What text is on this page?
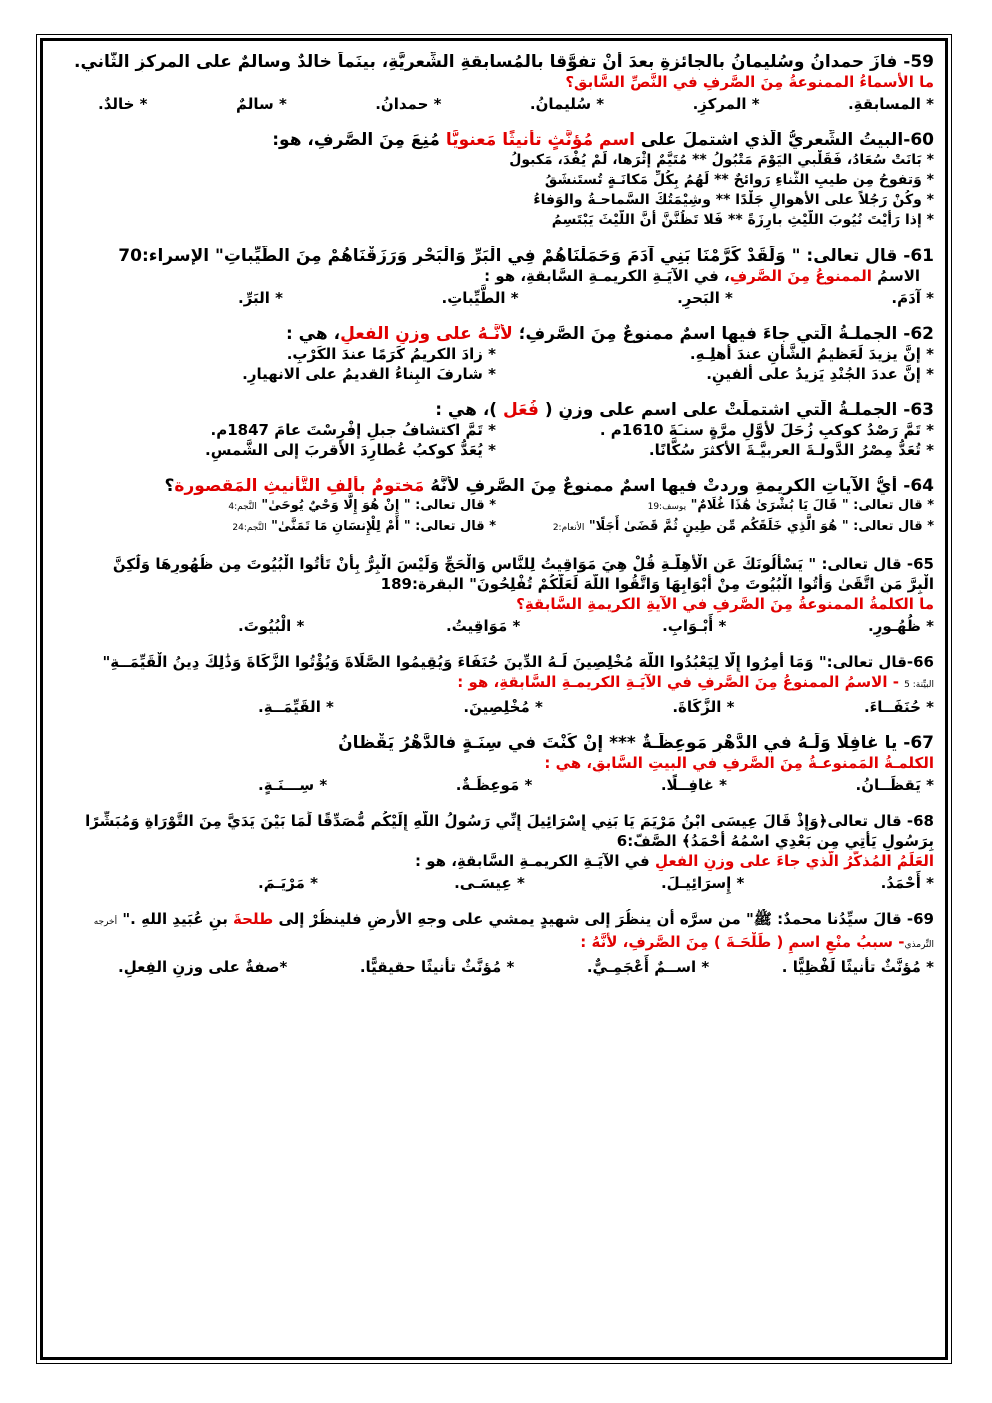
59- فازَ حمدانُ وسُليمانُ بالجائزةِ بعدَ أنْ تفوَّقا بالمُسابقةِ الشِّعريَّةِ، بينَماَ خالدٌ وسالمٌ على المركزِ الثَّاني.
ما الأسماءُ الممنوعةُ مِنَ الصَّرفِ في النَّصِّ السَّابقِ؟
* المسابقةِ.
* المركزِ.
* سُليمانُ.
* حمدانُ.
* سالمٌ
* خالدٌ.
60-البيتُ الشِّعريُّ الَّذي اشتملَ على اسمٍ مُؤنَّثٍ تأنيثًا مَعنويًّا مُنِعَ مِنَ الصَّرفِ، هو:
* بَانَتْ سُعَادُ، فَقَلْبي اليَوْمَ مَتْبُولُ ** مُتَيَّمٌ إثْرَها، لَمْ يُفْدَ، مَكبولُ
* وَتفوحُ مِن طيبِ الثَّناءِ رَوائحٌ ** لَهُمُ بِكُلِّ مَكانَـةٍ تُستَنشَقُ
* وكُنْ رَجُلاً على الأهوالِ جَلْدًا ** وشِيْمَتُكَ السَّماحـةُ والوَفاءُ
* إذا رَأيْتَ نُيُوبَ اللَّيْثِ بارِزَةً ** فَلا تَظُنَّنَّ أنَّ اللَّيْثَ يَبْتَسِمُ
61- قال تعالى: " وَلَقَدْ كَرَّمْنَا بَنِي آدَمَ وَحَمَلْنَاهُمْ فِي الْبَرِّ وَالْبَحْرِ وَرَزَقْنَاهُمْ مِنَ الطَّيِّباتِ" الإسراء:70
الاسمُ الممنوعُ مِنَ الصَّرفِ، في الآيَـةِ الكريمـةِ السَّابقةِ، هو :
* آدَمَ.
* البَحرِ.
* الطَّيِّباتِ.
* البَرِّ.
62- الجملـةُ الَّتي جاءَ فيها اسمٌ ممنوعٌ مِنَ الصَّرفِ؛ لأنَّـهُ على وزنِ الفعلِ، هي :
* إنَّ يزيدَ لَعَظيمُ الشَّأنِ عندَ أهلِـهِ.
* زادَ الكريمُ كَرَمًا عندَ الكَرْبِ.
* إنَّ عددَ الجُنْدِ يَزيدُ على ألفينِ.
* شارفَ البِناءُ القديمُ على الانهيارِ.
63- الجملـةُ الَّتي اشتملَتْ على اسمٍ على وزنِ ( فُعَل )، هي :
* تَمَّ رَصْدُ كوكبِ زُحَلَ لأوَّلِ مرَّةٍ سنـَةَ 1610م .
* تَمَّ اكتشافُ جبلِ إفْرِسْتَ عامَ 1847م.
* تُعَدُّ مِصْرُ الدَّولـةَ العربيَّـةَ الأكثرَ سُكَّانًا.
* يُعَدُّ كوكبُ عُطارِدَ الأقربَ إلى الشَّمسِ.
64- أيُّ الآياتِ الكريمةِ وردتْ فيها اسمٌ ممنوعٌ مِنَ الصَّرفِ لأنَّهُ مَختومٌ بألفِ التَّأنيثِ المَقصورة؟
* قال تعالى: " قَالَ يَا بُشْرَىٰ هَٰذَا غُلَامٌ" يوسف:19
* قال تعالى: " إِنْ هُوَ إِلَّا وَحْيٌ يُوحَىٰ" النَّجم:4
* قال تعالى: " هُوَ الَّذِي خَلَقَكُم مِّن طِينٍ ثُمَّ قَضَىٰ أَجَلًا" الأنعام:2
* قال تعالى: " أَمْ لِلْإِنسَانِ مَا تَمَنَّىٰ" النَّجم:24
65- قال تعالى: " يَسْأَلُونَكَ عَنِ الْأَهِلَّـةِ قُلْ هِيَ مَوَاقِيتُ لِلنَّاسِ وَالْحَجِّ وَلَيْسَ الْبِرُّ بِأَنْ تَأْتُوا الْبُيُوتَ مِن ظُهُورِهَا وَلَٰكِنَّ
الْبِرَّ مَنِ اتَّقَىٰ وَأْتُوا الْبُيُوتَ مِنْ أَبْوَابِهَا وَاتَّقُوا اللَّهَ لَعَلَّكُمْ تُفْلِحُونَ" البقرة:189
ما الكلمةُ الممنوعةُ مِنَ الصَّرفِ في الآيةِ الكريمةِ السَّابقةِ؟
* ظُهُـورِ.
* أَبْـوَابِ.
* مَوَاقِيتُ.
* الْبُيُوتَ.
66-قال تعالى:" وَمَا أُمِرُوا إِلَّا لِيَعْبُدُوا اللَّهَ مُخْلِصِينَ لَـهُ الدِّينَ حُنَفَاءَ وَيُقِيمُوا الصَّلَاةَ وَيُؤْتُوا الزَّكَاةَ وَذَٰلِكَ دِينُ الْقَيِّمَــةِ"
البيِّنة: 5 - الاسمُ الممنوعُ مِنَ الصَّرفِ في الآيَـةِ الكريمـةِ السَّابقةِ، هو :
* حُنَفَــاءَ.
* الزَّكَاةَ.
* مُخْلِصِينَ.
* القَيِّمَــةِ.
67- يا غافِلًا وَلَـهُ في الدَّهْرِ مَوعِظَـةٌ *** إنْ كُنْتَ في سِنَـةٍ فالدَّهْرُ يَقْظانُ
الكلمـةُ المَمنوعـةُ مِنَ الصَّرفِ في البيتِ السَّابقِ، هي :
* يَقظَــانُ.
* غافِــلًا.
* مَوعِظَـةٌ.
* سِـــنَـةٍ.
68- قال تعالى﴿وَإِذْ قَالَ عِيسَى ابْنُ مَرْيَمَ يَا بَنِي إِسْرَائِيلَ إِنِّي رَسُولُ اللَّهِ إِلَيْكُم مُّصَدِّقًا لِّمَا بَيْنَ يَدَيَّ مِنَ التَّوْرَاةِ وَمُبَشِّرًا
بِرَسُولٍ يَأْتِي مِن بَعْدِي اسْمُهُ أَحْمَدُ﴾ الصَّفّ:6
العَلَمُ المُذكَّرُ الَّذي جاءَ على وزنِ الفعلِ في الآيَـةِ الكريمـةِ السَّابقةِ، هو :
* أَحْمَدُ.
* إِسرَائِيـلَ.
* عِيسَـى.
* مَرْيَـمَ.
69- قالَ سيِّدُنا محمدٌ: ﷺ" من سرَّه أن ينظُرَ إلى شهيدٍ يمشي على وجهِ الأرضِ فلينظُرْ إلى طلحةَ بنِ عُبَيدِ اللهِ ." أخرجه
التِّرمذي- سببُ منْعِ اسمِ ( طَلْحَـةَ ) مِنَ الصَّرفِ، لأنَّهُ :
* مُؤنَّثٌ تأنيثًا لَفْظِيًّا .
* اســمٌ أَعْجَمِـيٌّ.
* مُؤنَّثٌ تأنيثًا حقيقيًّا.
*صفةٌ على وزنِ الفِعلِ.
